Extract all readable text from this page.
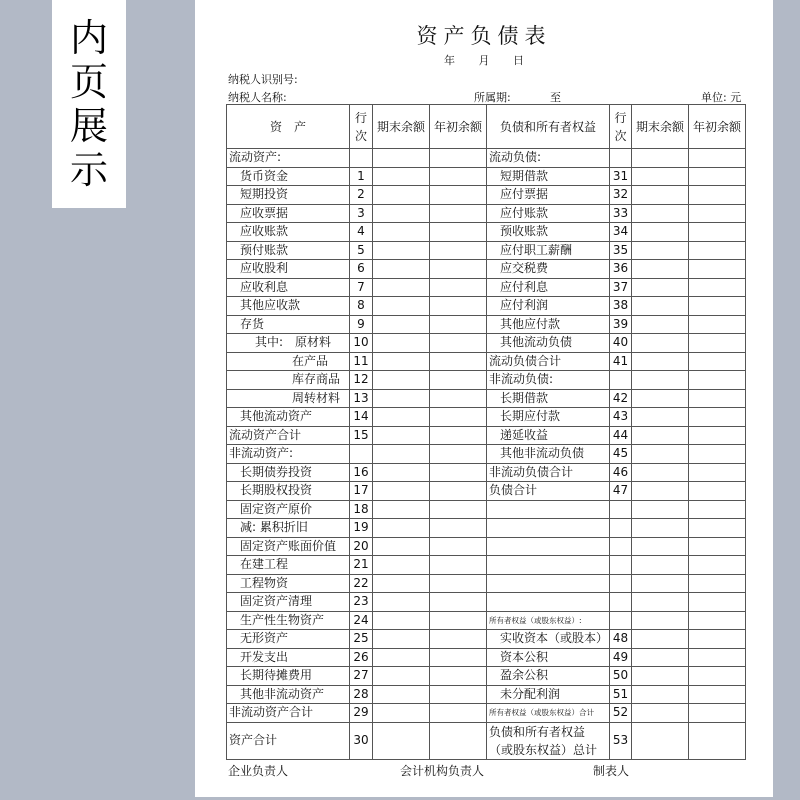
内
页
展
示
资产负债表
年 月 日
纳税人识别号:
纳税人名称:	所属期:	至	单位: 元
资　产	行次	期末余额	年初余额	负债和所有者权益	行次	期末余额	年初余额
流动资产:				流动负债:			
货币资金	1			短期借款	31		
短期投资	2			应付票据	32		
应收票据	3			应付账款	33		
应收账款	4			预收账款	34		
预付账款	5			应付职工薪酬	35		
应收股利	6			应交税费	36		
应收利息	7			应付利息	37		
其他应收款	8			应付利润	38		
存货	9			其他应付款	39		
其中:　原材料	10			其他流动负债	40		
在产品	11			流动负债合计	41		
库存商品	12			非流动负债:			
周转材料	13			长期借款	42		
其他流动资产	14			长期应付款	43		
流动资产合计	15			递延收益	44		
非流动资产:				其他非流动负债	45		
长期债券投资	16			非流动负债合计	46		
长期股权投资	17			负债合计	47		
固定资产原价	18						
减: 累积折旧	19						
固定资产账面价值	20						
在建工程	21						
工程物资	22						
固定资产清理	23						
生产性生物资产	24			所有者权益（或股东权益）:			
无形资产	25			实收资本（或股本）	48		
开发支出	26			资本公积	49		
长期待摊费用	27			盈余公积	50		
其他非流动资产	28			未分配利润	51		
非流动资产合计	29			所有者权益（或股东权益）合计	52		
资产合计	30			负债和所有者权益（或股东权益）总计	53		
企业负责人	会计机构负责人	制表人
